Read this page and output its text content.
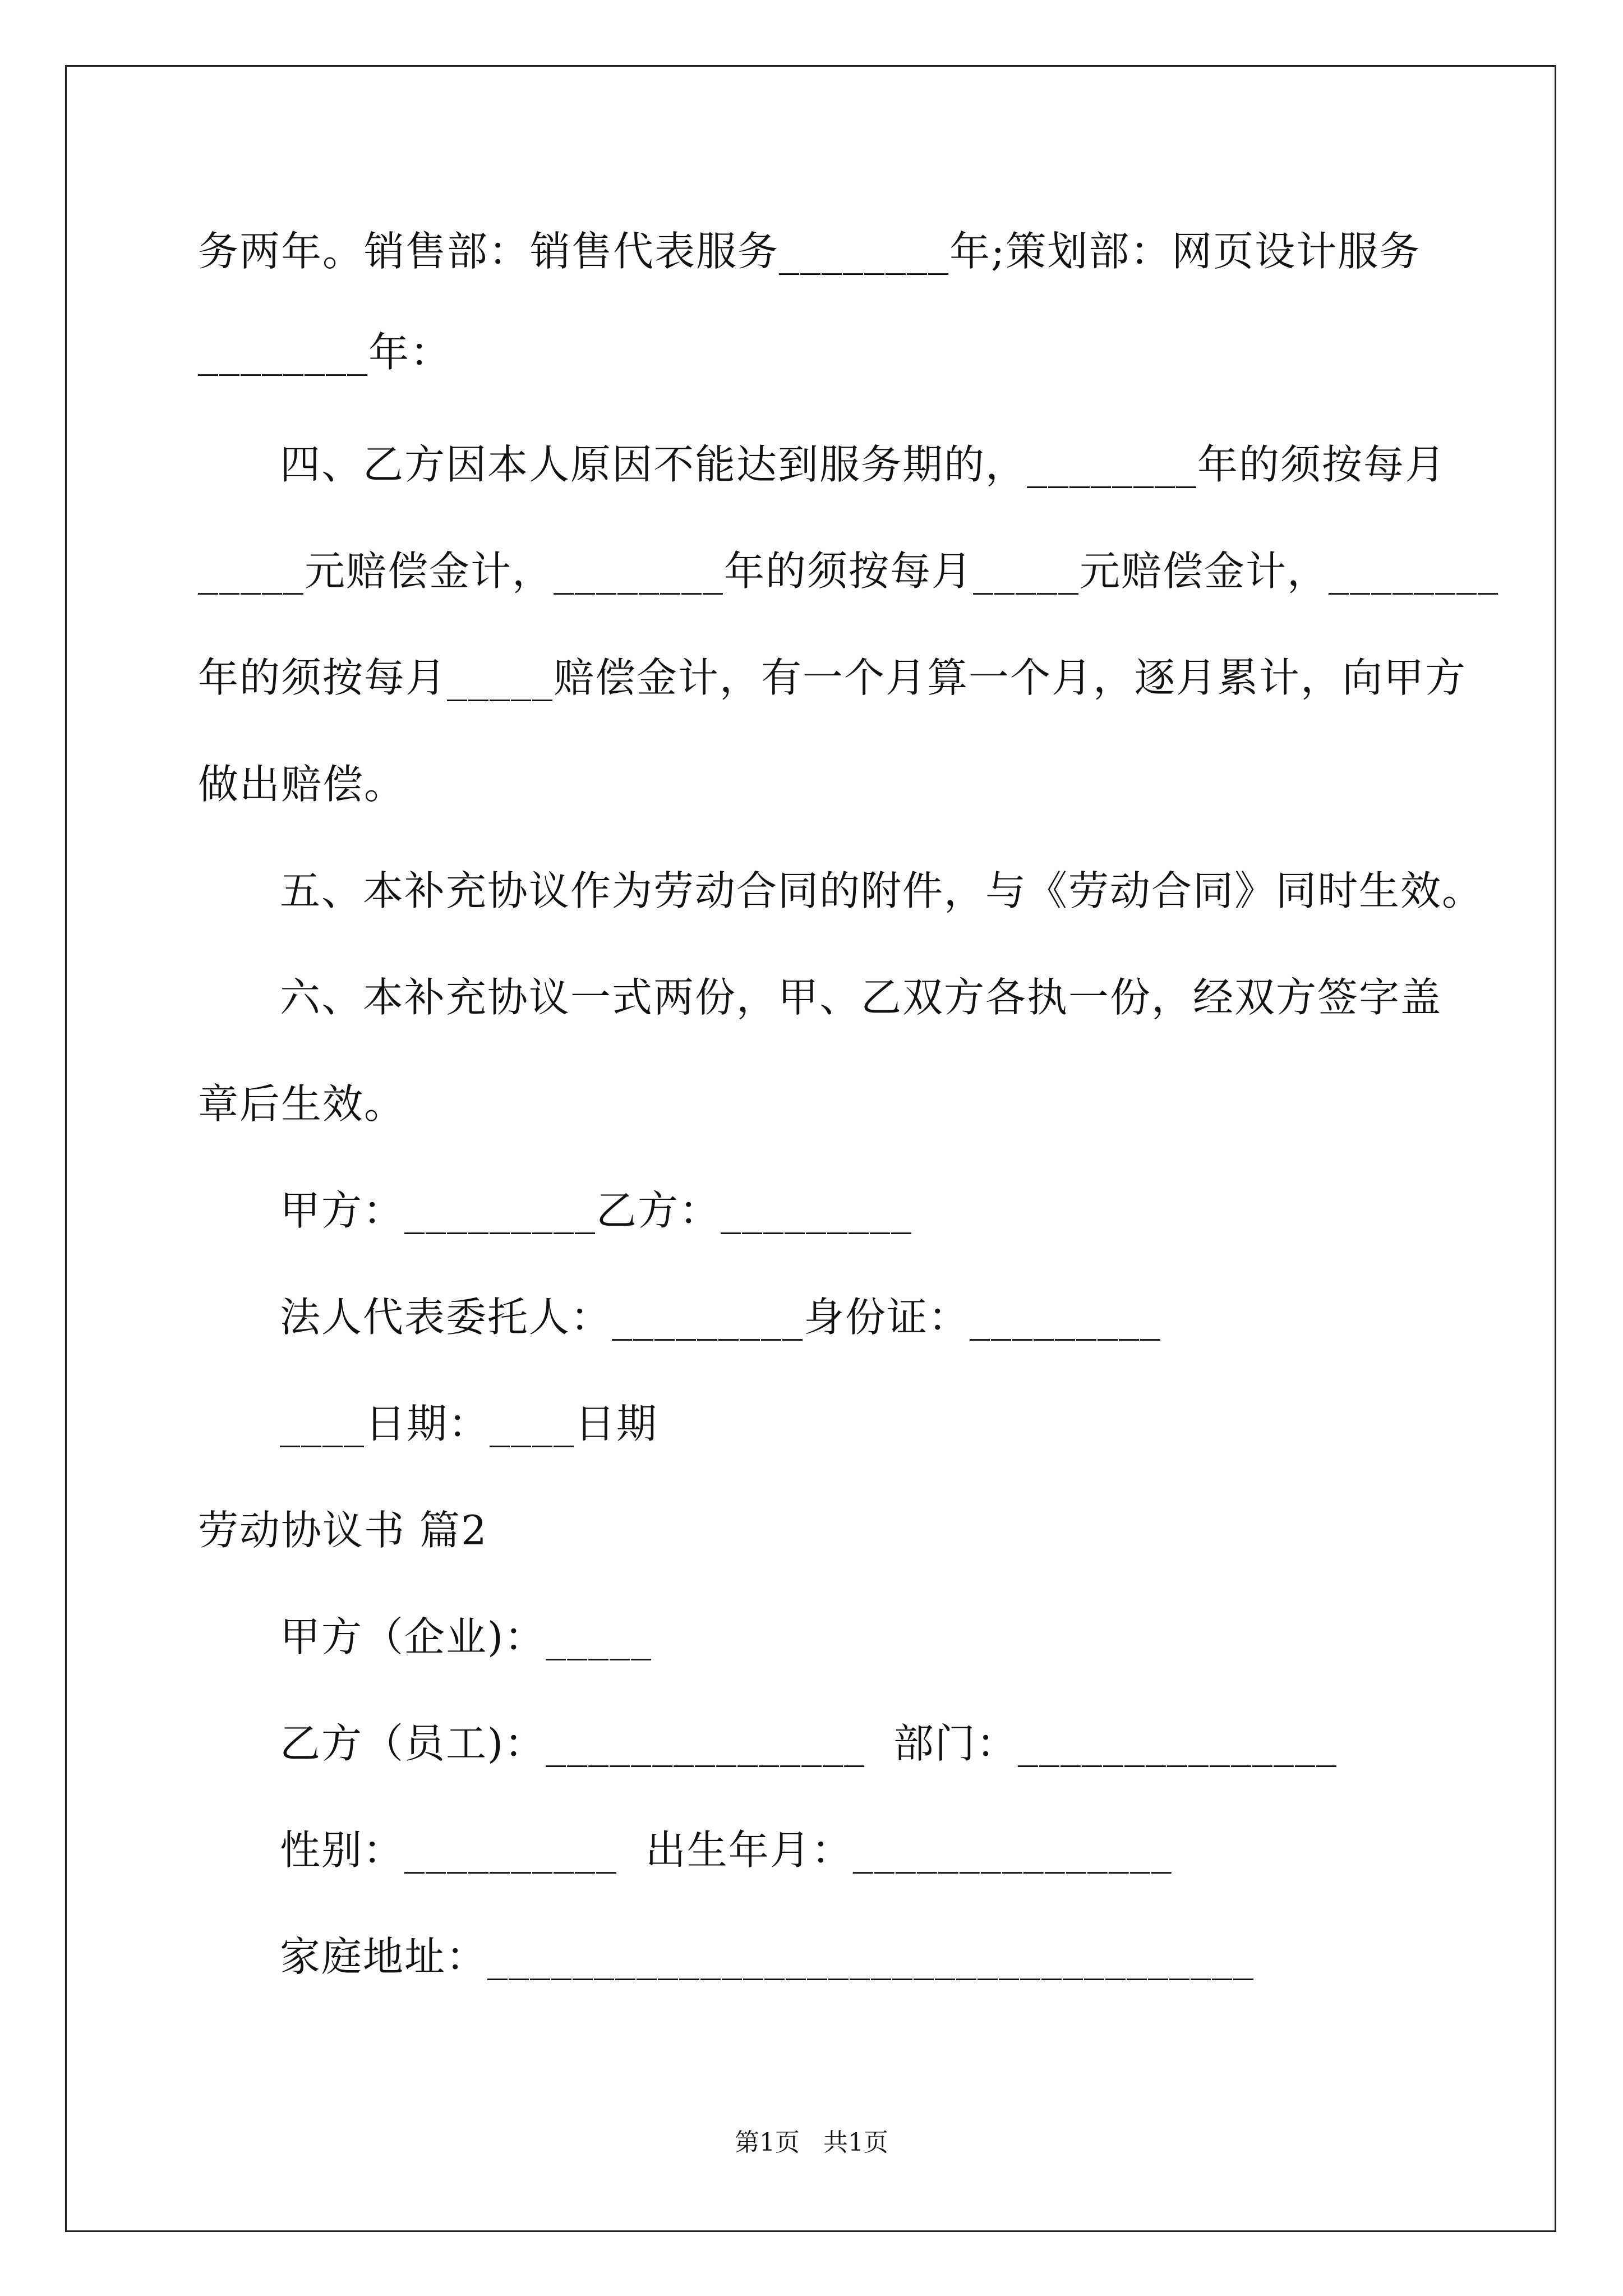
务两年。销售部：销售代表服务________年;策划部：网页设计服务
________年：
四、乙方因本人原因不能达到服务期的，________年的须按每月
_____元赔偿金计，________年的须按每月_____元赔偿金计，________
年的须按每月_____赔偿金计，有一个月算一个月，逐月累计，向甲方
做出赔偿。
五、本补充协议作为劳动合同的附件，与《劳动合同》同时生效。
六、本补充协议一式两份，甲、乙双方各执一份，经双方签字盖
章后生效。
甲方：_________乙方：_________
法人代表委托人：_________身份证：_________
____日期：____日期
劳动协议书 篇2
甲方（企业)：_____
乙方（员工)：_______________  部门：_______________
性别：__________  出生年月：_______________
家庭地址：____________________________________
第1页   共1页
